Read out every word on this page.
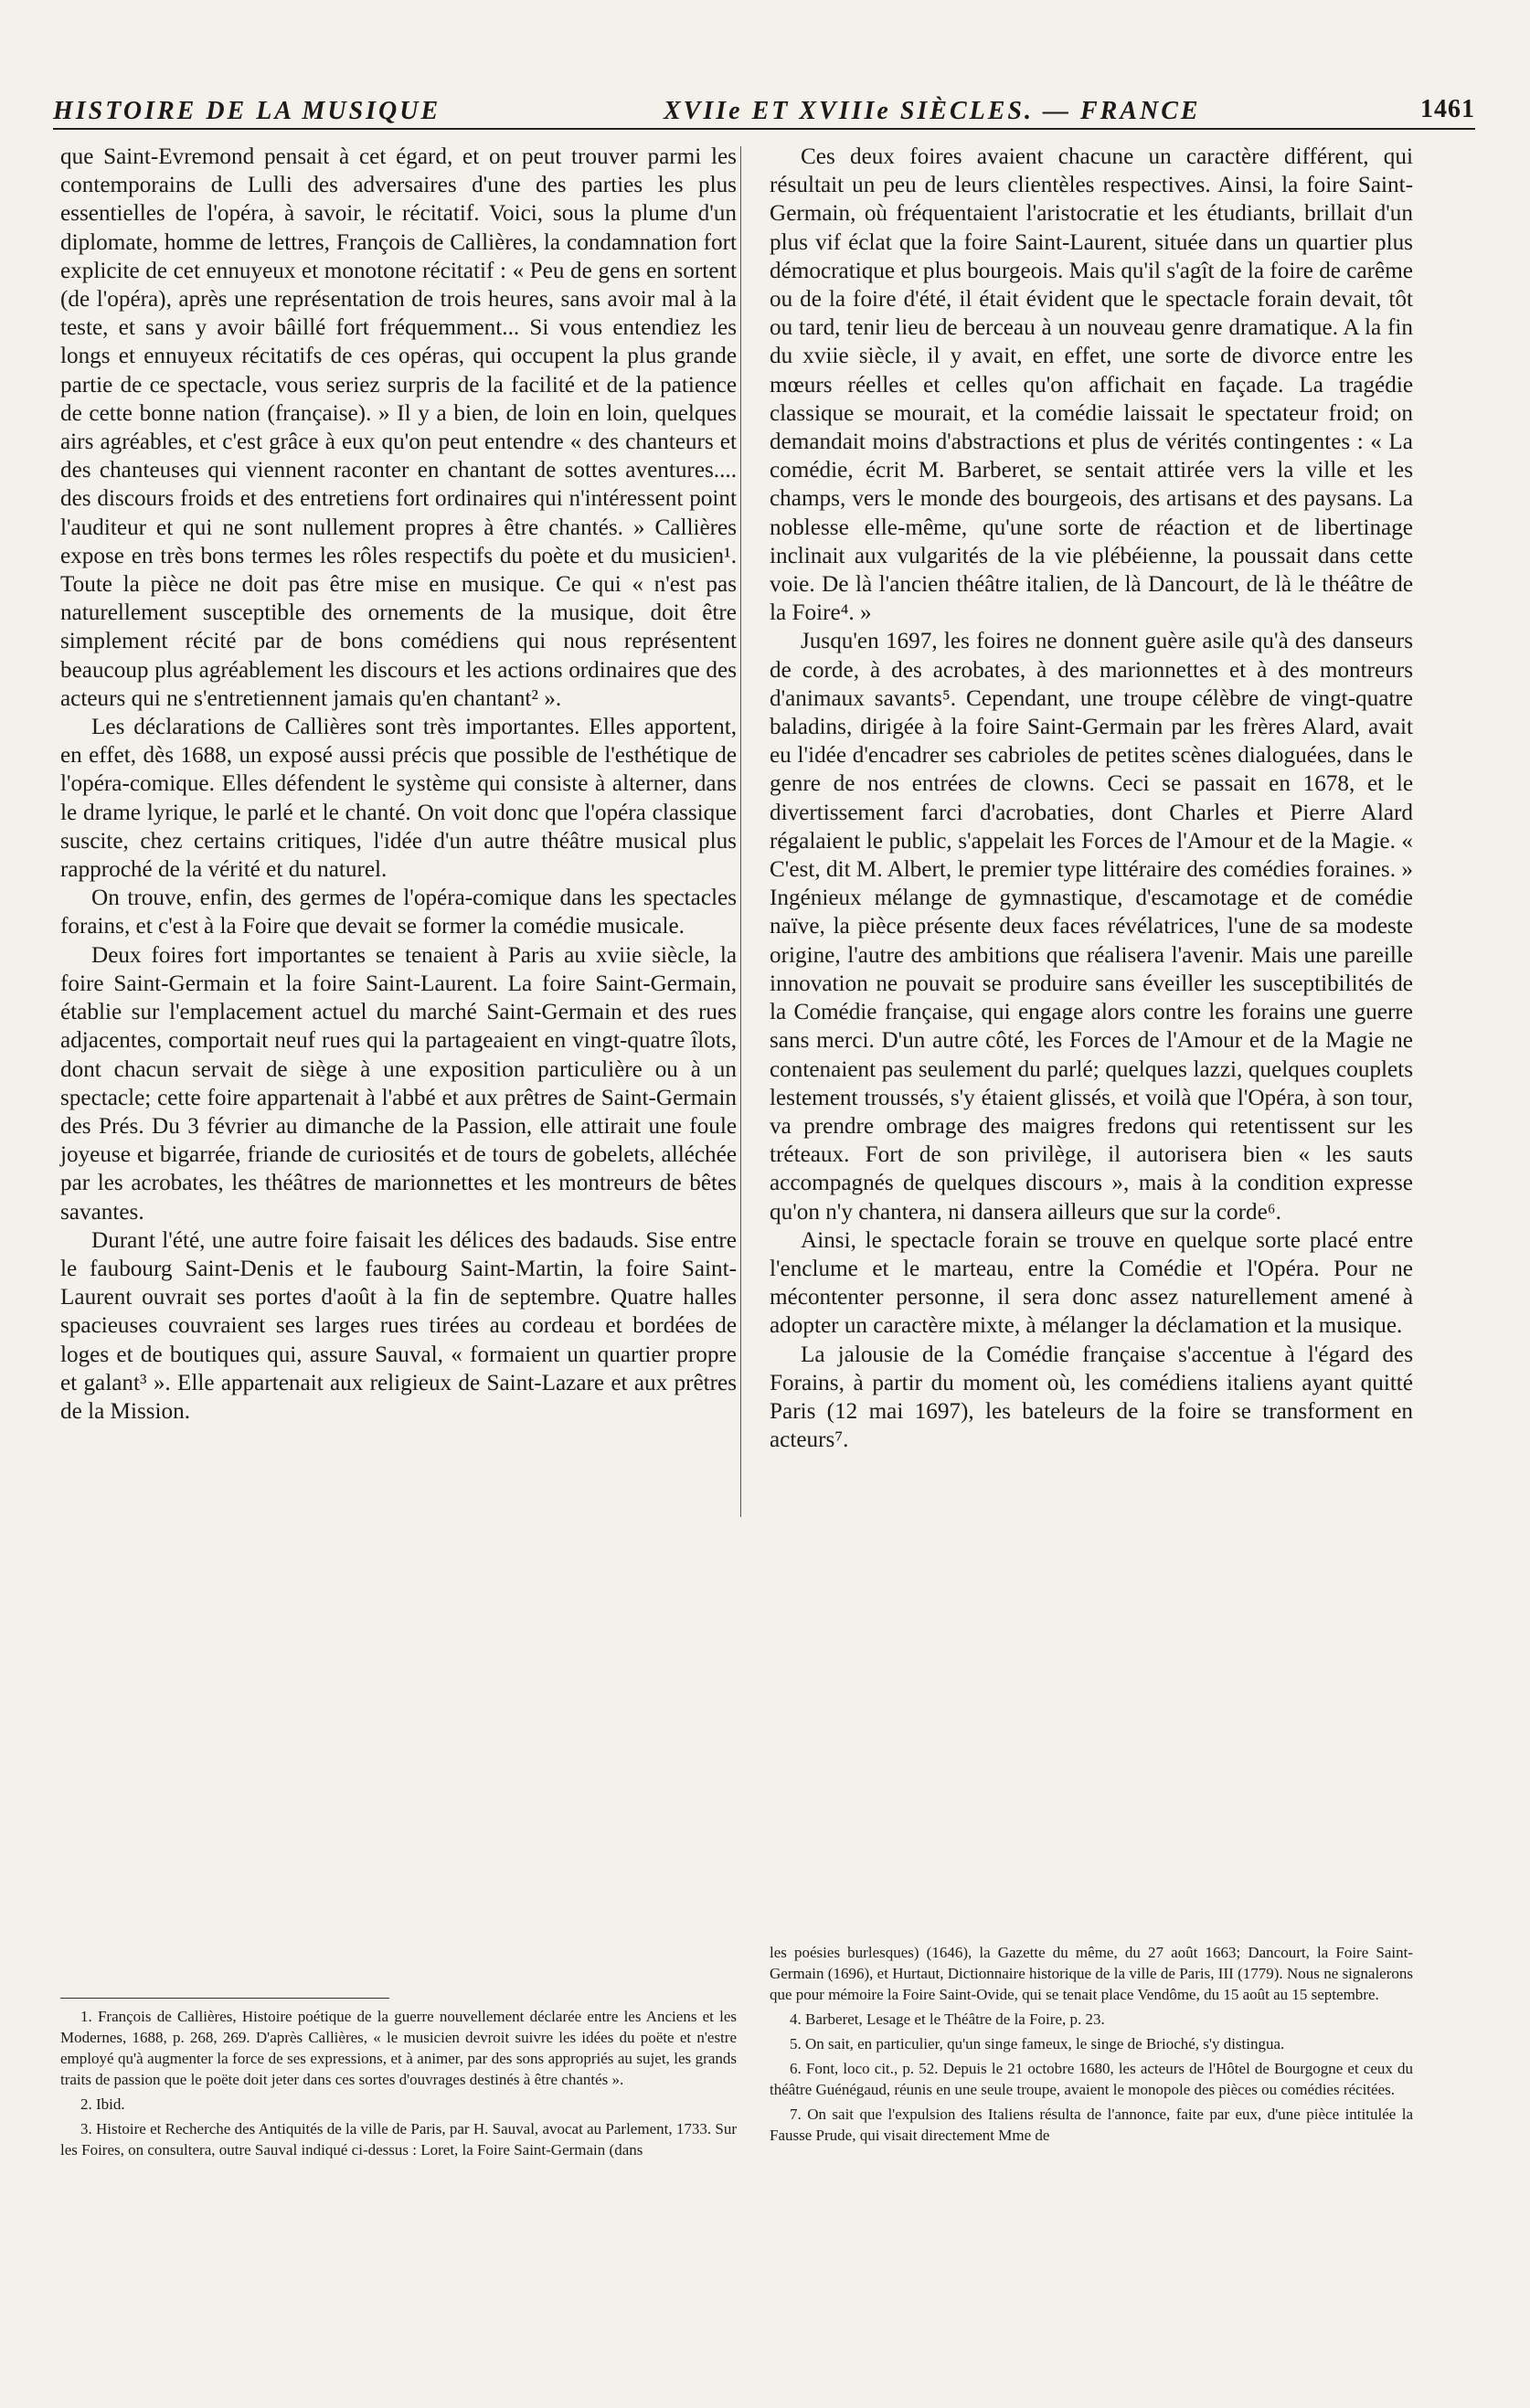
HISTOIRE DE LA MUSIQUE	XVIIe ET XVIIIe SIÈCLES. — FRANCE	1461

que Saint-Evremond pensait à cet égard, et on peut trouver parmi les contemporains de Lulli des adversaires d'une des parties les plus essentielles de l'opéra, à savoir, le récitatif. Voici, sous la plume d'un diplomate, homme de lettres, François de Callières, la condamnation fort explicite de cet ennuyeux et monotone récitatif : « Peu de gens en sortent (de l'opéra), après une représentation de trois heures, sans avoir mal à la teste, et sans y avoir bâillé fort fréquemment... Si vous entendiez les longs et ennuyeux récitatifs de ces opéras, qui occupent la plus grande partie de ce spectacle, vous seriez surpris de la facilité et de la patience de cette bonne nation (française). » Il y a bien, de loin en loin, quelques airs agréables, et c'est grâce à eux qu'on peut entendre « des chanteurs et des chanteuses qui viennent raconter en chantant de sottes aventures.... des discours froids et des entretiens fort ordinaires qui n'intéressent point l'auditeur et qui ne sont nullement propres à être chantés. » Callières expose en très bons termes les rôles respectifs du poète et du musicien¹. Toute la pièce ne doit pas être mise en musique. Ce qui « n'est pas naturellement susceptible des ornements de la musique, doit être simplement récité par de bons comédiens qui nous représentent beaucoup plus agréablement les discours et les actions ordinaires que des acteurs qui ne s'entretiennent jamais qu'en chantant² ».

Les déclarations de Callières sont très importantes. Elles apportent, en effet, dès 1688, un exposé aussi précis que possible de l'esthétique de l'opéra-comique. Elles défendent le système qui consiste à alterner, dans le drame lyrique, le parlé et le chanté. On voit donc que l'opéra classique suscite, chez certains critiques, l'idée d'un autre théâtre musical plus rapproché de la vérité et du naturel.

On trouve, enfin, des germes de l'opéra-comique dans les spectacles forains, et c'est à la Foire que devait se former la comédie musicale.

Deux foires fort importantes se tenaient à Paris au xviie siècle, la foire Saint-Germain et la foire Saint-Laurent. La foire Saint-Germain, établie sur l'emplacement actuel du marché Saint-Germain et des rues adjacentes, comportait neuf rues qui la partageaient en vingt-quatre îlots, dont chacun servait de siège à une exposition particulière ou à un spectacle; cette foire appartenait à l'abbé et aux prêtres de Saint-Germain des Prés. Du 3 février au dimanche de la Passion, elle attirait une foule joyeuse et bigarrée, friande de curiosités et de tours de gobelets, alléchée par les acrobates, les théâtres de marionnettes et les montreurs de bêtes savantes.

Durant l'été, une autre foire faisait les délices des badauds. Sise entre le faubourg Saint-Denis et le faubourg Saint-Martin, la foire Saint-Laurent ouvrait ses portes d'août à la fin de septembre. Quatre halles spacieuses couvraient ses larges rues tirées au cordeau et bordées de loges et de boutiques qui, assure Sauval, « formaient un quartier propre et galant³ ». Elle appartenait aux religieux de Saint-Lazare et aux prêtres de la Mission.

Ces deux foires avaient chacune un caractère différent, qui résultait un peu de leurs clientèles respectives. Ainsi, la foire Saint-Germain, où fréquentaient l'aristocratie et les étudiants, brillait d'un plus vif éclat que la foire Saint-Laurent, située dans un quartier plus démocratique et plus bourgeois. Mais qu'il s'agît de la foire de carême ou de la foire d'été, il était évident que le spectacle forain devait, tôt ou tard, tenir lieu de berceau à un nouveau genre dramatique. A la fin du xviie siècle, il y avait, en effet, une sorte de divorce entre les mœurs réelles et celles qu'on affichait en façade. La tragédie classique se mourait, et la comédie laissait le spectateur froid; on demandait moins d'abstractions et plus de vérités contingentes : « La comédie, écrit M. Barberet, se sentait attirée vers la ville et les champs, vers le monde des bourgeois, des artisans et des paysans. La noblesse elle-même, qu'une sorte de réaction et de libertinage inclinait aux vulgarités de la vie plébéienne, la poussait dans cette voie. De là l'ancien théâtre italien, de là Dancourt, de là le théâtre de la Foire⁴. »

Jusqu'en 1697, les foires ne donnent guère asile qu'à des danseurs de corde, à des acrobates, à des marionnettes et à des montreurs d'animaux savants⁵. Cependant, une troupe célèbre de vingt-quatre baladins, dirigée à la foire Saint-Germain par les frères Alard, avait eu l'idée d'encadrer ses cabrioles de petites scènes dialoguées, dans le genre de nos entrées de clowns. Ceci se passait en 1678, et le divertissement farci d'acrobaties, dont Charles et Pierre Alard régalaient le public, s'appelait les Forces de l'Amour et de la Magie. « C'est, dit M. Albert, le premier type littéraire des comédies foraines. » Ingénieux mélange de gymnastique, d'escamotage et de comédie naïve, la pièce présente deux faces révélatrices, l'une de sa modeste origine, l'autre des ambitions que réalisera l'avenir. Mais une pareille innovation ne pouvait se produire sans éveiller les susceptibilités de la Comédie française, qui engage alors contre les forains une guerre sans merci. D'un autre côté, les Forces de l'Amour et de la Magie ne contenaient pas seulement du parlé; quelques lazzi, quelques couplets lestement troussés, s'y étaient glissés, et voilà que l'Opéra, à son tour, va prendre ombrage des maigres fredons qui retentissent sur les tréteaux. Fort de son privilège, il autorisera bien « les sauts accompagnés de quelques discours », mais à la condition expresse qu'on n'y chantera, ni dansera ailleurs que sur la corde⁶.

Ainsi, le spectacle forain se trouve en quelque sorte placé entre l'enclume et le marteau, entre la Comédie et l'Opéra. Pour ne mécontenter personne, il sera donc assez naturellement amené à adopter un caractère mixte, à mélanger la déclamation et la musique.

La jalousie de la Comédie française s'accentue à l'égard des Forains, à partir du moment où, les comédiens italiens ayant quitté Paris (12 mai 1697), les bateleurs de la foire se transforment en acteurs⁷.

1. François de Callières, Histoire poétique de la guerre nouvellement déclarée entre les Anciens et les Modernes, 1688, p. 268, 269. D'après Callières, « le musicien devroit suivre les idées du poëte et n'estre employé qu'à augmenter la force de ses expressions, et à animer, par des sons appropriés au sujet, les grands traits de passion que le poëte doit jeter dans ces sortes d'ouvrages destinés à être chantés ».

2. Ibid.

3. Histoire et Recherche des Antiquités de la ville de Paris, par H. Sauval, avocat au Parlement, 1733. Sur les Foires, on consultera, outre Sauval indiqué ci-dessus : Loret, la Foire Saint-Germain (dans

les poésies burlesques) (1646), la Gazette du même, du 27 août 1663; Dancourt, la Foire Saint-Germain (1696), et Hurtaut, Dictionnaire historique de la ville de Paris, III (1779). Nous ne signalerons que pour mémoire la Foire Saint-Ovide, qui se tenait place Vendôme, du 15 août au 15 septembre.

4. Barberet, Lesage et le Théâtre de la Foire, p. 23.

5. On sait, en particulier, qu'un singe fameux, le singe de Brioché, s'y distingua.

6. Font, loco cit., p. 52. Depuis le 21 octobre 1680, les acteurs de l'Hôtel de Bourgogne et ceux du théâtre Guénégaud, réunis en une seule troupe, avaient le monopole des pièces ou comédies récitées.

7. On sait que l'expulsion des Italiens résulta de l'annonce, faite par eux, d'une pièce intitulée la Fausse Prude, qui visait directement Mme de
